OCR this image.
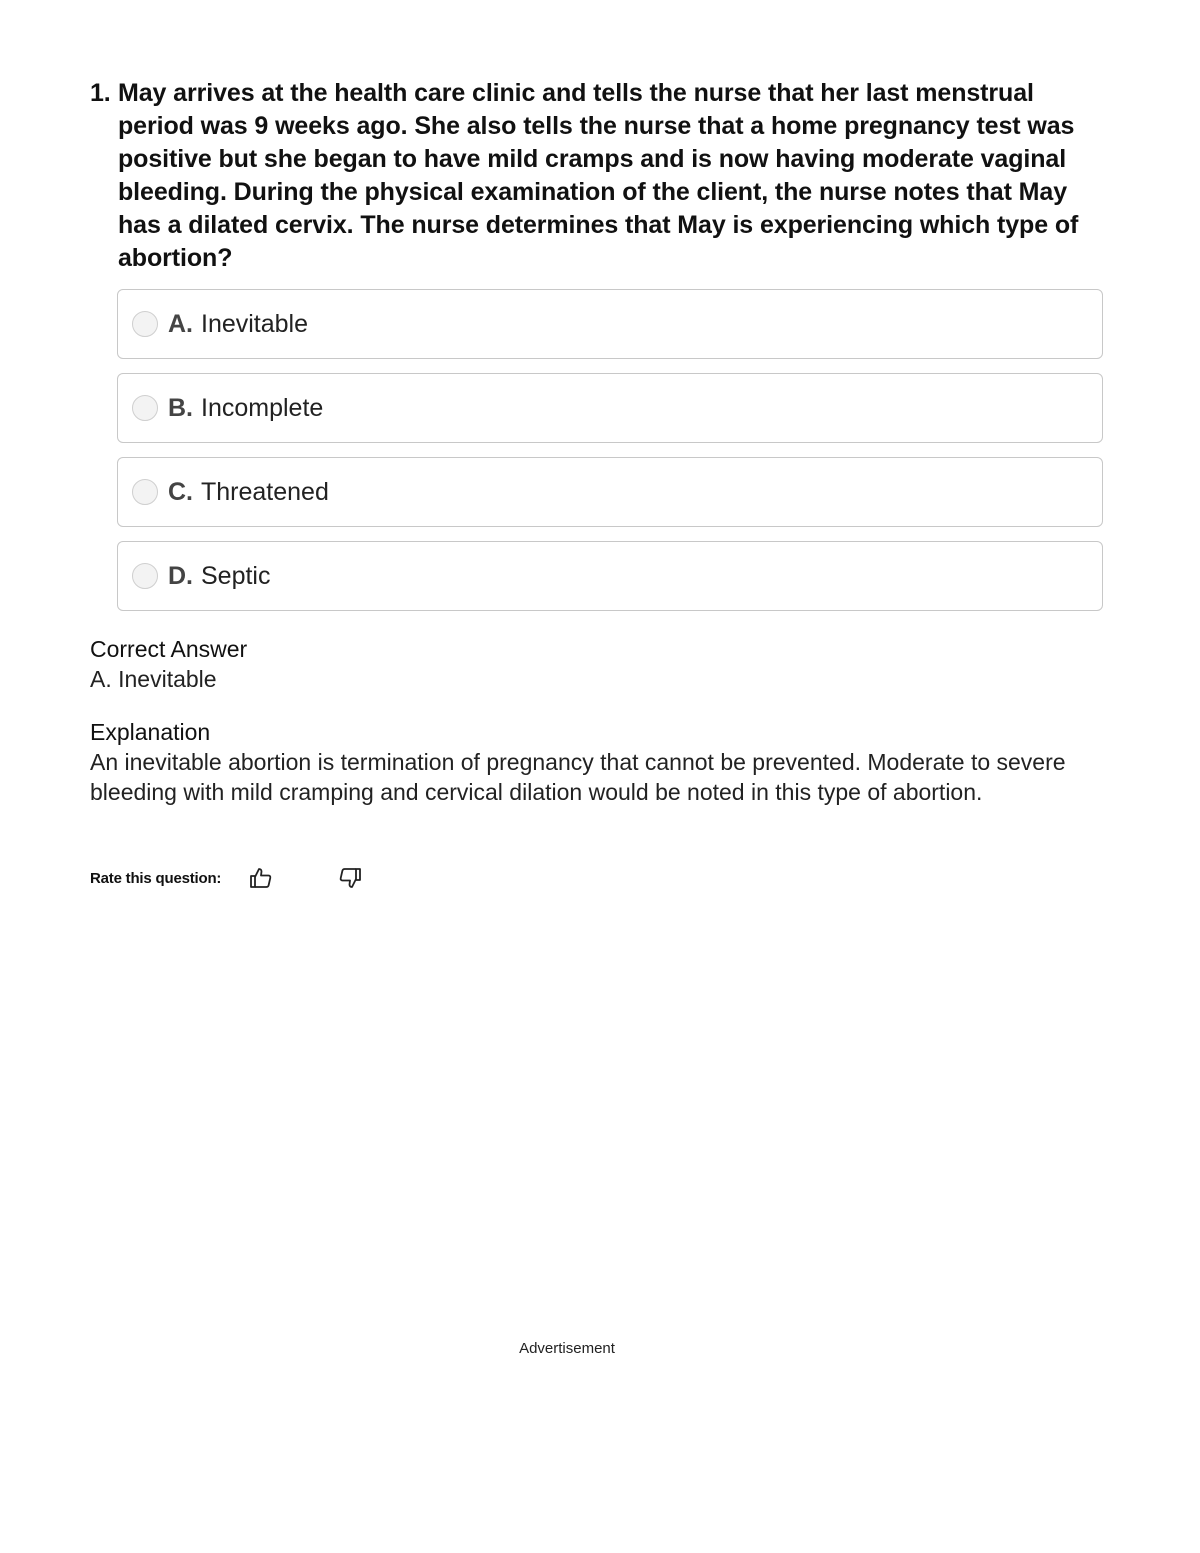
1. May arrives at the health care clinic and tells the nurse that her last menstrual period was 9 weeks ago. She also tells the nurse that a home pregnancy test was positive but she began to have mild cramps and is now having moderate vaginal bleeding. During the physical examination of the client, the nurse notes that May has a dilated cervix. The nurse determines that May is experiencing which type of abortion?
A. Inevitable
B. Incomplete
C. Threatened
D. Septic
Correct Answer
A. Inevitable
Explanation
An inevitable abortion is termination of pregnancy that cannot be prevented. Moderate to severe bleeding with mild cramping and cervical dilation would be noted in this type of abortion.
Rate this question:
Advertisement
